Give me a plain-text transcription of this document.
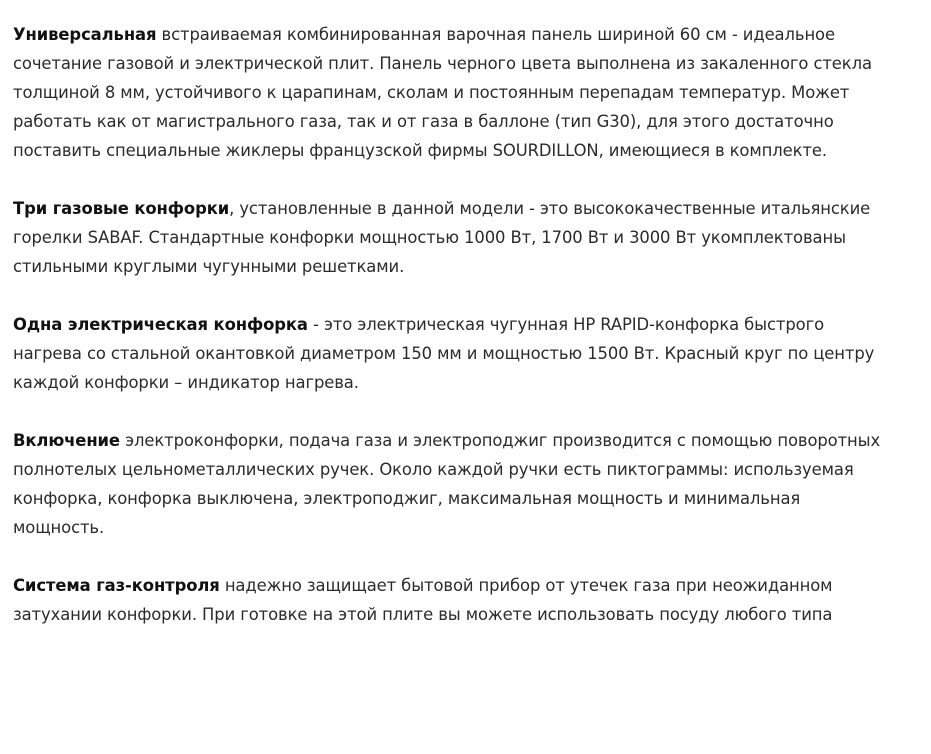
Универсальная встраиваемая комбинированная варочная панель шириной 60 см - идеальное сочетание газовой и электрической плит. Панель черного цвета выполнена из закаленного стекла толщиной 8 мм, устойчивого к царапинам, сколам и постоянным перепадам температур. Может работать как от магистрального газа, так и от газа в баллоне (тип G30), для этого достаточно поставить специальные жиклеры французской фирмы SOURDILLON, имеющиеся в комплекте.

Три газовые конфорки, установленные в данной модели - это высококачественные итальянские горелки SABAF. Стандартные конфорки мощностью 1000 Вт, 1700 Вт и 3000 Вт укомплектованы стильными круглыми чугунными решетками.

Одна электрическая конфорка - это электрическая чугунная HP RAPID-конфорка быстрого нагрева со стальной окантовкой диаметром 150 мм и мощностью 1500 Вт. Красный круг по центру каждой конфорки – индикатор нагрева.

Включение электроконфорки, подача газа и электроподжиг производится с помощью поворотных полнотелых цельнометаллических ручек. Около каждой ручки есть пиктограммы: используемая конфорка, конфорка выключена, электроподжиг, максимальная мощность и минимальная мощность.

Система газ-контроля надежно защищает бытовой прибор от утечек газа при неожиданном затухании конфорки. При готовке на этой плите вы можете использовать посуду любого типа
